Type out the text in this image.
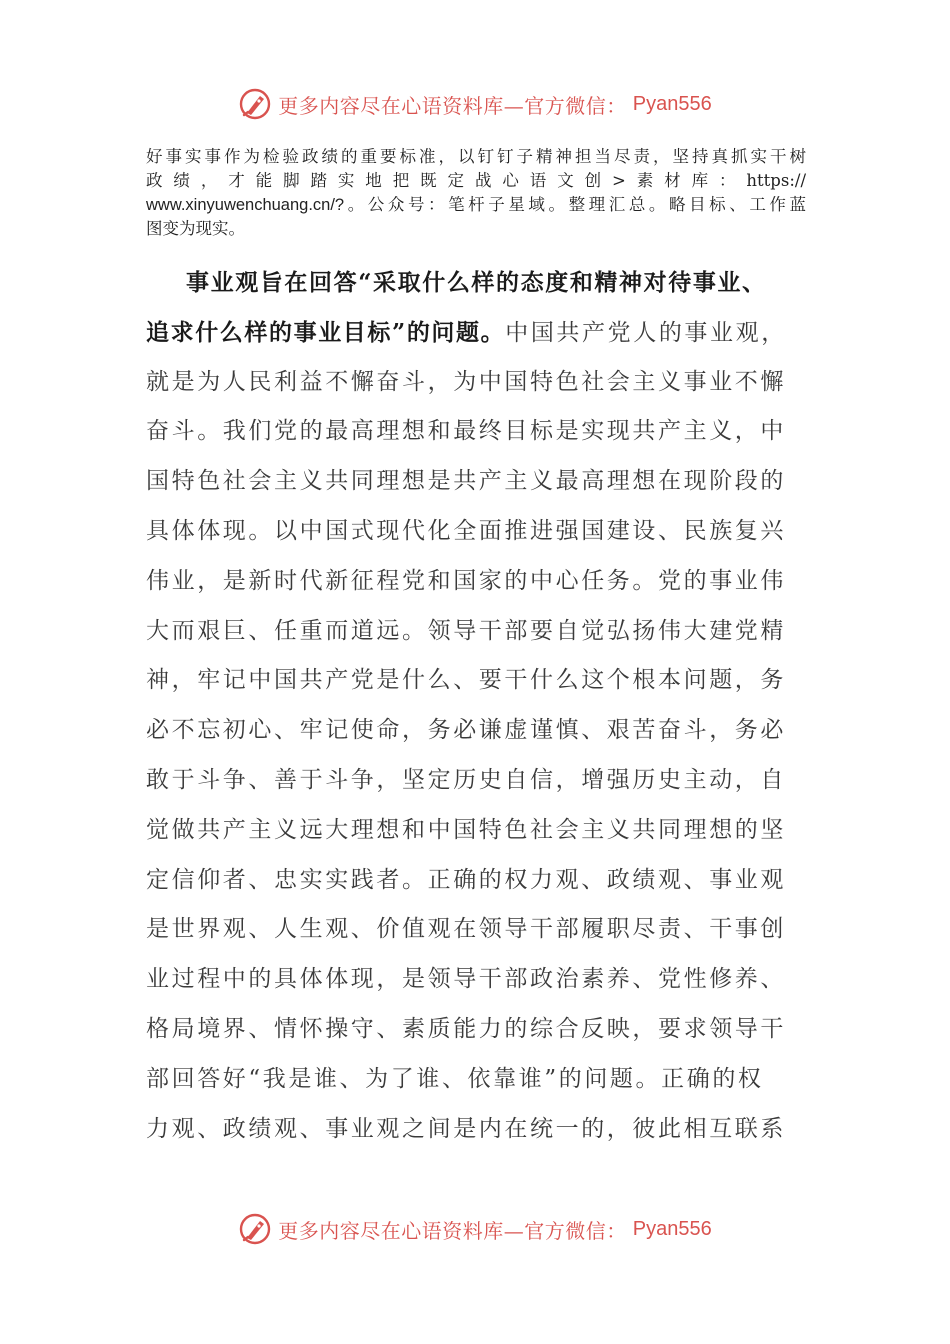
更多内容尽在心语资料库—官方微信： Pyan556
好事实事作为检验政绩的重要标准，以钉钉子精神担当尽责，坚持真抓实干树
政绩，才能脚踏实地把既定战心语文创>素材库：https://
www.xinyuwenchuang.cn/?。公众号：笔杆子星域。整理汇总。略目标、工作蓝
图变为现实。
事业观旨在回答“采取什么样的态度和精神对待事业、
追求什么样的事业目标”的问题。中国共产党人的事业观，
就是为人民利益不懈奋斗，为中国特色社会主义事业不懈
奋斗。我们党的最高理想和最终目标是实现共产主义，中
国特色社会主义共同理想是共产主义最高理想在现阶段的
具体体现。以中国式现代化全面推进强国建设、民族复兴
伟业，是新时代新征程党和国家的中心任务。党的事业伟
大而艰巨、任重而道远。领导干部要自觉弘扬伟大建党精
神，牢记中国共产党是什么、要干什么这个根本问题，务
必不忘初心、牢记使命，务必谦虚谨慎、艰苦奋斗，务必
敢于斗争、善于斗争，坚定历史自信，增强历史主动，自
觉做共产主义远大理想和中国特色社会主义共同理想的坚
定信仰者、忠实实践者。正确的权力观、政绩观、事业观
是世界观、人生观、价值观在领导干部履职尽责、干事创
业过程中的具体体现，是领导干部政治素养、党性修养、
格局境界、情怀操守、素质能力的综合反映，要求领导干
部回答好“我是谁、为了谁、依靠谁”的问题。正确的权
力观、政绩观、事业观之间是内在统一的，彼此相互联系
更多内容尽在心语资料库—官方微信： Pyan556
